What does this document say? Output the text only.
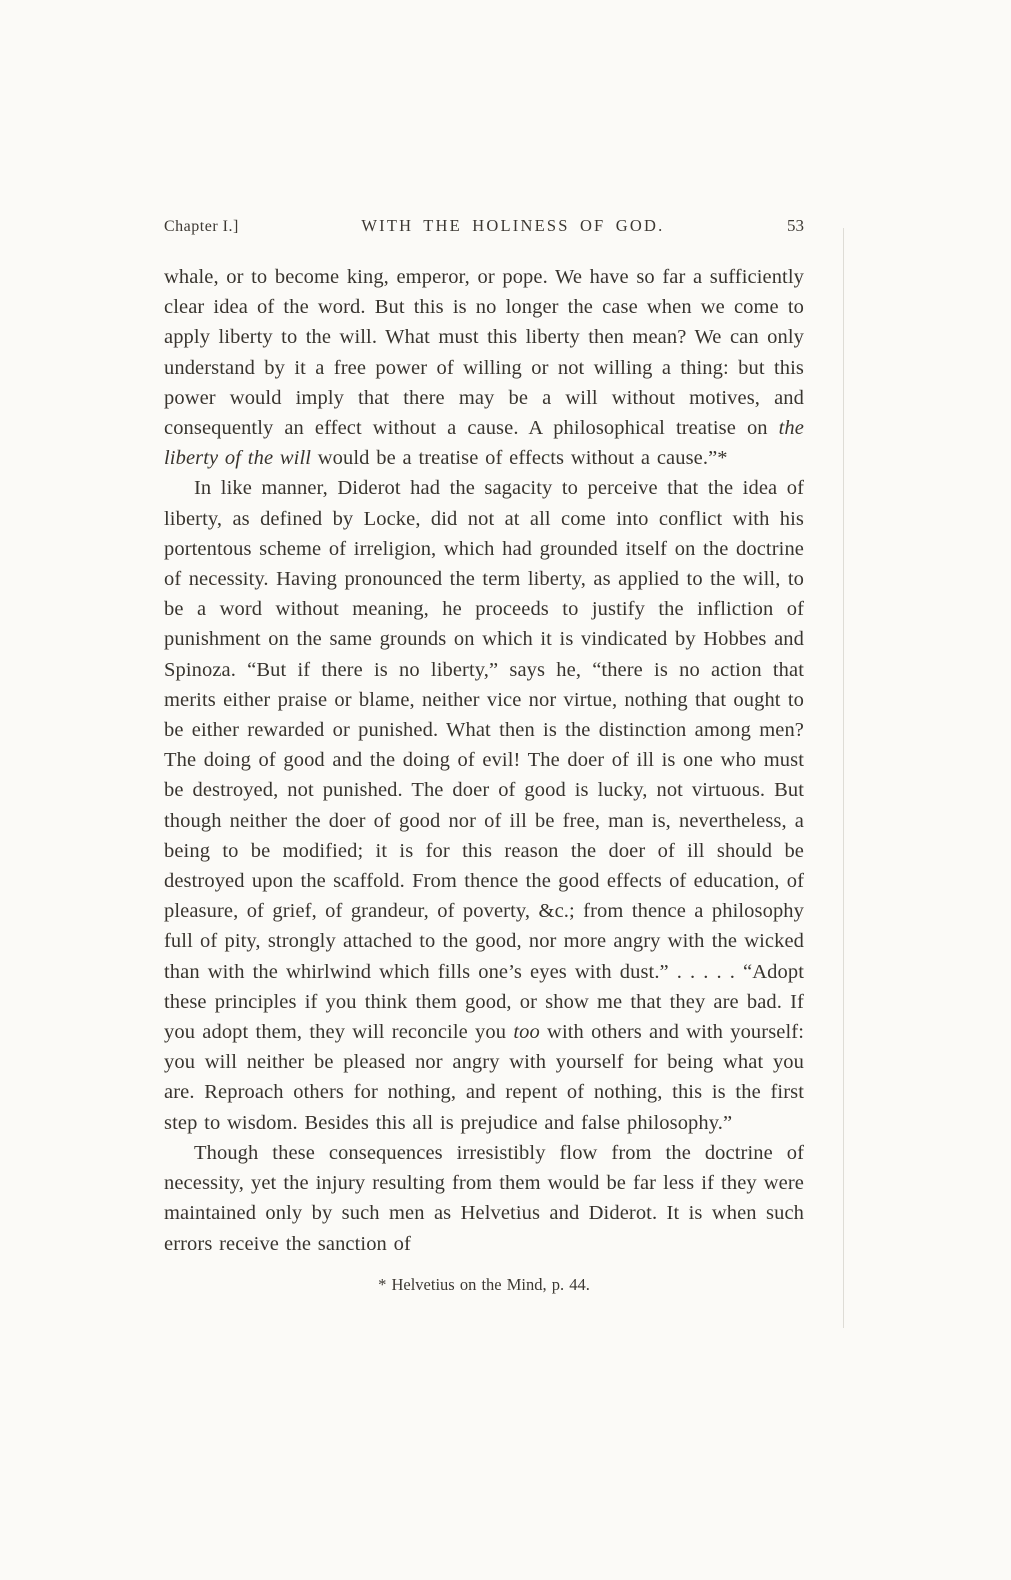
Chapter I.]	WITH THE HOLINESS OF GOD.	53

whale, or to become king, emperor, or pope. We have so far a sufficiently clear idea of the word. But this is no longer the case when we come to apply liberty to the will. What must this liberty then mean? We can only understand by it a free power of willing or not willing a thing: but this power would imply that there may be a will without motives, and consequently an effect without a cause. A philosophical treatise on the liberty of the will would be a treatise of effects without a cause.”*

In like manner, Diderot had the sagacity to perceive that the idea of liberty, as defined by Locke, did not at all come into conflict with his portentous scheme of irreligion, which had grounded itself on the doctrine of necessity. Having pronounced the term liberty, as applied to the will, to be a word without meaning, he proceeds to justify the infliction of punishment on the same grounds on which it is vindicated by Hobbes and Spinoza. “But if there is no liberty,” says he, “there is no action that merits either praise or blame, neither vice nor virtue, nothing that ought to be either rewarded or punished. What then is the distinction among men? The doing of good and the doing of evil! The doer of ill is one who must be destroyed, not punished. The doer of good is lucky, not virtuous. But though neither the doer of good nor of ill be free, man is, nevertheless, a being to be modified; it is for this reason the doer of ill should be destroyed upon the scaffold. From thence the good effects of education, of pleasure, of grief, of grandeur, of poverty, &c.; from thence a philosophy full of pity, strongly attached to the good, nor more angry with the wicked than with the whirlwind which fills one’s eyes with dust.” . . . . . “Adopt these principles if you think them good, or show me that they are bad. If you adopt them, they will reconcile you too with others and with yourself: you will neither be pleased nor angry with yourself for being what you are. Reproach others for nothing, and repent of nothing, this is the first step to wisdom. Besides this all is prejudice and false philosophy.”

Though these consequences irresistibly flow from the doctrine of necessity, yet the injury resulting from them would be far less if they were maintained only by such men as Helvetius and Diderot. It is when such errors receive the sanction of

* Helvetius on the Mind, p. 44.
